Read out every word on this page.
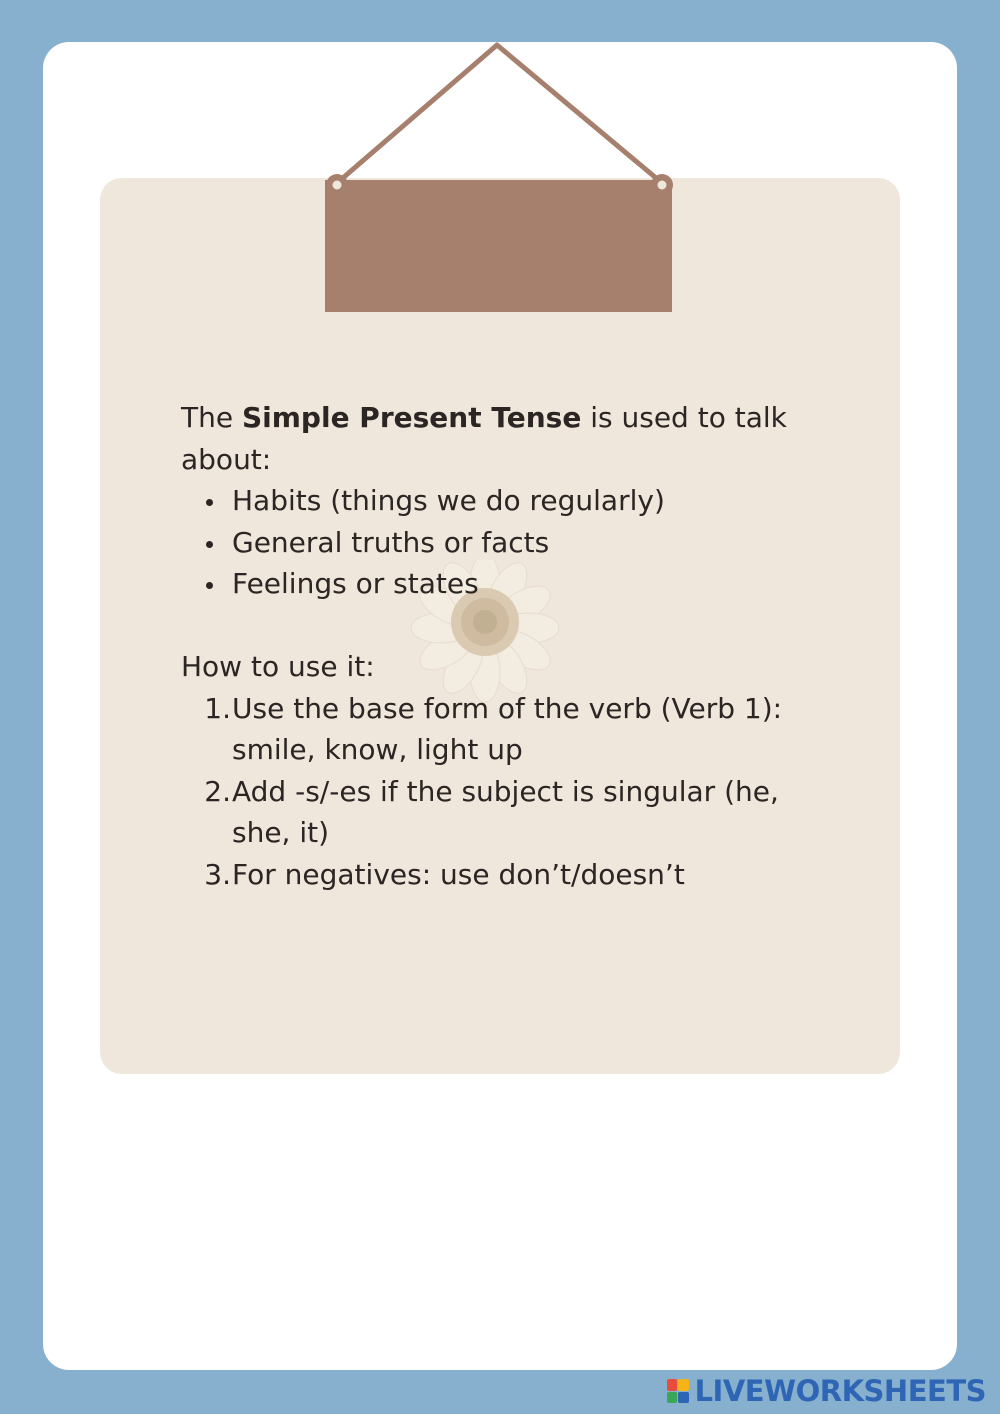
The Simple Present Tense is used to talk about:

Habits (things we do regularly)
General truths or facts
Feelings or states

How to use it:

1. Use the base form of the verb (Verb 1): smile, know, light up
2. Add -s/-es if the subject is singular (he, she, it)
3. For negatives: use don’t/doesn’t
LIVEWORKSHEETS
